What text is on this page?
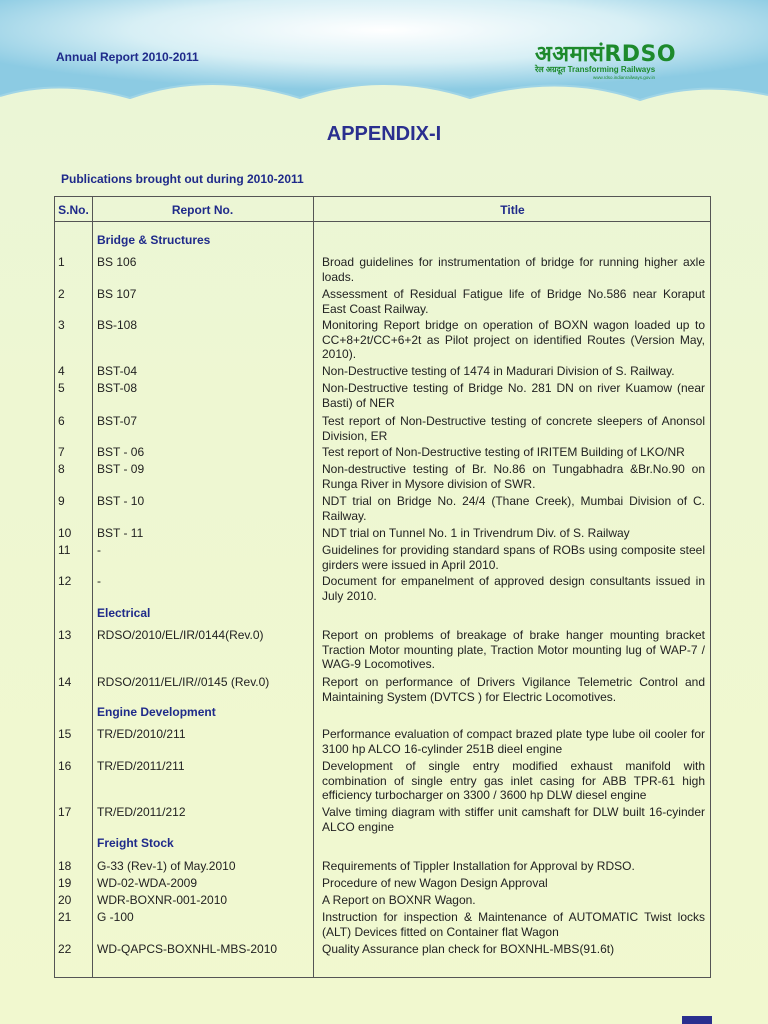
Annual Report 2010-2011	अअमासंRDSO
रेल अग्रदूत Transforming Railways
www.rdso.indianrailways.gov.in
APPENDIX-I
Publications brought out during 2010-2011
S.No.	Report No.	Title
Bridge & Structures
1	BS 106	Broad guidelines for instrumentation of bridge for running higher axle loads.
2	BS 107	Assessment of Residual Fatigue life of Bridge No.586 near Koraput East Coast Railway.
3	BS-108	Monitoring Report bridge on operation of BOXN wagon loaded up to CC+8+2t/CC+6+2t as Pilot project on identified Routes (Version May, 2010).
4	BST-04	Non-Destructive testing of 1474 in Madurari Division of S. Railway.
5	BST-08	Non-Destructive testing of Bridge No. 281 DN on river Kuamow (near Basti) of NER
6	BST-07	Test report of Non-Destructive testing of concrete sleepers of Anonsol Division, ER
7	BST - 06	Test report of Non-Destructive testing of IRITEM Building of LKO/NR
8	BST - 09	Non-destructive testing of Br. No.86 on Tungabhadra &Br.No.90 on Runga River in Mysore division of SWR.
9	BST - 10	NDT trial on Bridge No. 24/4 (Thane Creek), Mumbai Division of C. Railway.
10	BST - 11	NDT trial on Tunnel No. 1 in Trivendrum Div. of S. Railway
11	-	Guidelines for providing standard spans of ROBs using composite steel girders were issued in April 2010.
12	-	Document for empanelment of approved design consultants issued in July 2010.
Electrical
13	RDSO/2010/EL/IR/0144(Rev.0)	Report on problems of breakage of brake hanger mounting bracket Traction Motor mounting plate, Traction Motor mounting lug of WAP-7 / WAG-9 Locomotives.
14	RDSO/2011/EL/IR//0145 (Rev.0)	Report on performance of Drivers Vigilance Telemetric Control and Maintaining System (DVTCS ) for Electric Locomotives.
Engine Development
15	TR/ED/2010/211	Performance evaluation of compact brazed plate type lube oil cooler for 3100 hp ALCO 16-cylinder 251B dieel engine
16	TR/ED/2011/211	Development of single entry modified exhaust manifold with combination of single entry gas inlet casing for ABB TPR-61 high efficiency turbocharger on 3300 / 3600 hp DLW diesel engine
17	TR/ED/2011/212	Valve timing diagram with stiffer unit camshaft for DLW built 16-cyinder ALCO engine
Freight Stock
18	G-33 (Rev-1) of May.2010	Requirements of Tippler Installation for Approval by RDSO.
19	WD-02-WDA-2009	Procedure of new Wagon Design Approval
20	WDR-BOXNR-001-2010	A Report on BOXNR Wagon.
21	G -100	Instruction for inspection & Maintenance of AUTOMATIC Twist locks (ALT) Devices fitted on Container flat Wagon
22	WD-QAPCS-BOXNHL-MBS-2010	Quality Assurance plan check for BOXNHL-MBS(91.6t)
